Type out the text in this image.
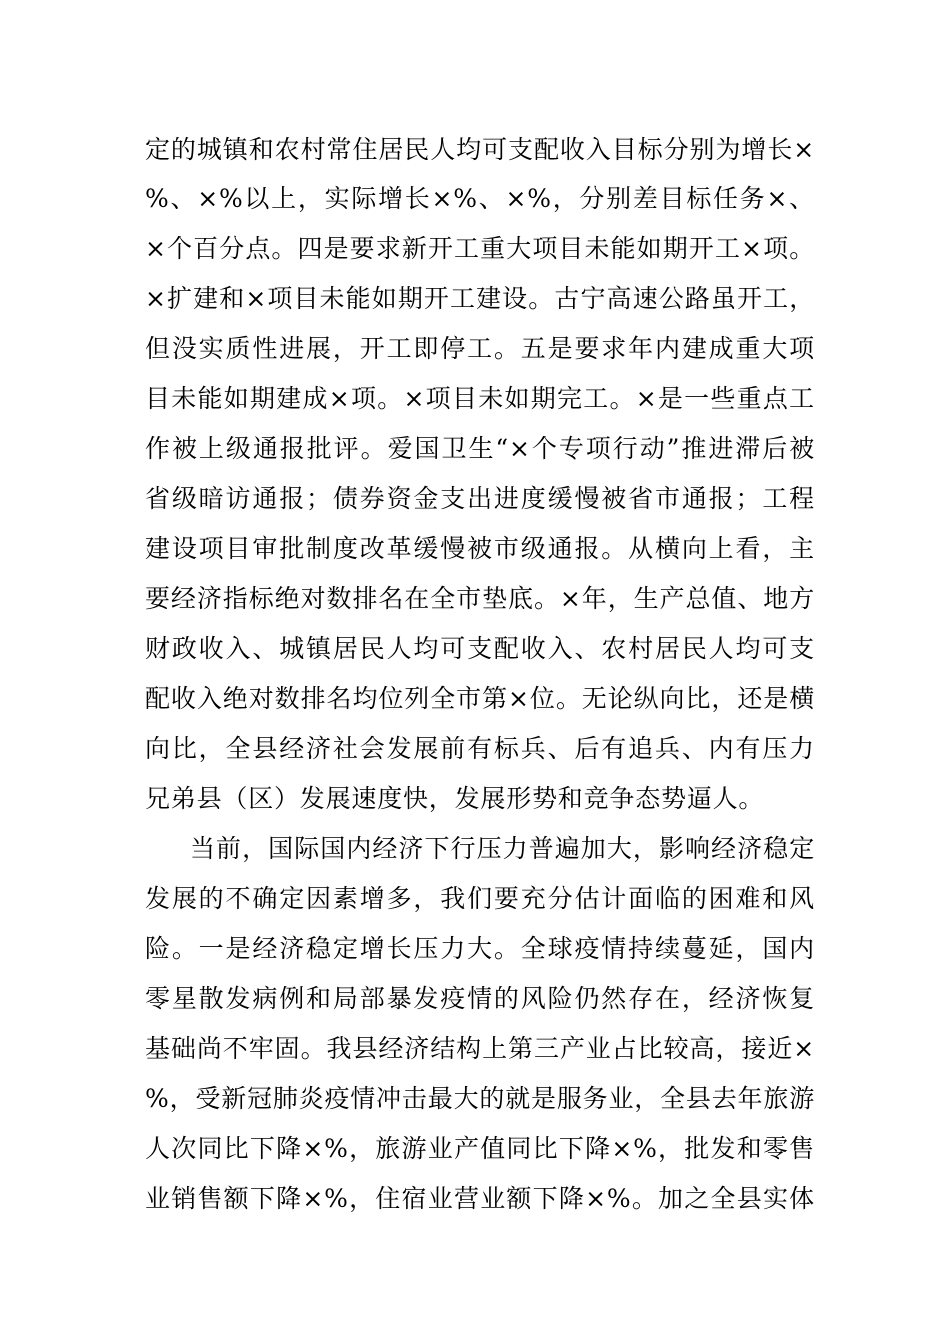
定的城镇和农村常住居民人均可支配收入目标分别为增长×
%、×%以上，实际增长×%、×%，分别差目标任务×、
×个百分点。四是要求新开工重大项目未能如期开工×项。
×扩建和×项目未能如期开工建设。古宁高速公路虽开工，
但没实质性进展，开工即停工。五是要求年内建成重大项
目未能如期建成×项。×项目未如期完工。×是一些重点工
作被上级通报批评。爱国卫生“×个专项行动”推进滞后被
省级暗访通报；债券资金支出进度缓慢被省市通报；工程
建设项目审批制度改革缓慢被市级通报。从横向上看，主
要经济指标绝对数排名在全市垫底。×年，生产总值、地方
财政收入、城镇居民人均可支配收入、农村居民人均可支
配收入绝对数排名均位列全市第×位。无论纵向比，还是横
向比，全县经济社会发展前有标兵、后有追兵、内有压力
兄弟县（区）发展速度快，发展形势和竞争态势逼人。
当前，国际国内经济下行压力普遍加大，影响经济稳定
发展的不确定因素增多，我们要充分估计面临的困难和风
险。一是经济稳定增长压力大。全球疫情持续蔓延，国内
零星散发病例和局部暴发疫情的风险仍然存在，经济恢复
基础尚不牢固。我县经济结构上第三产业占比较高，接近×
%，受新冠肺炎疫情冲击最大的就是服务业，全县去年旅游
人次同比下降×%，旅游业产值同比下降×%，批发和零售
业销售额下降×%，住宿业营业额下降×%。加之全县实体
